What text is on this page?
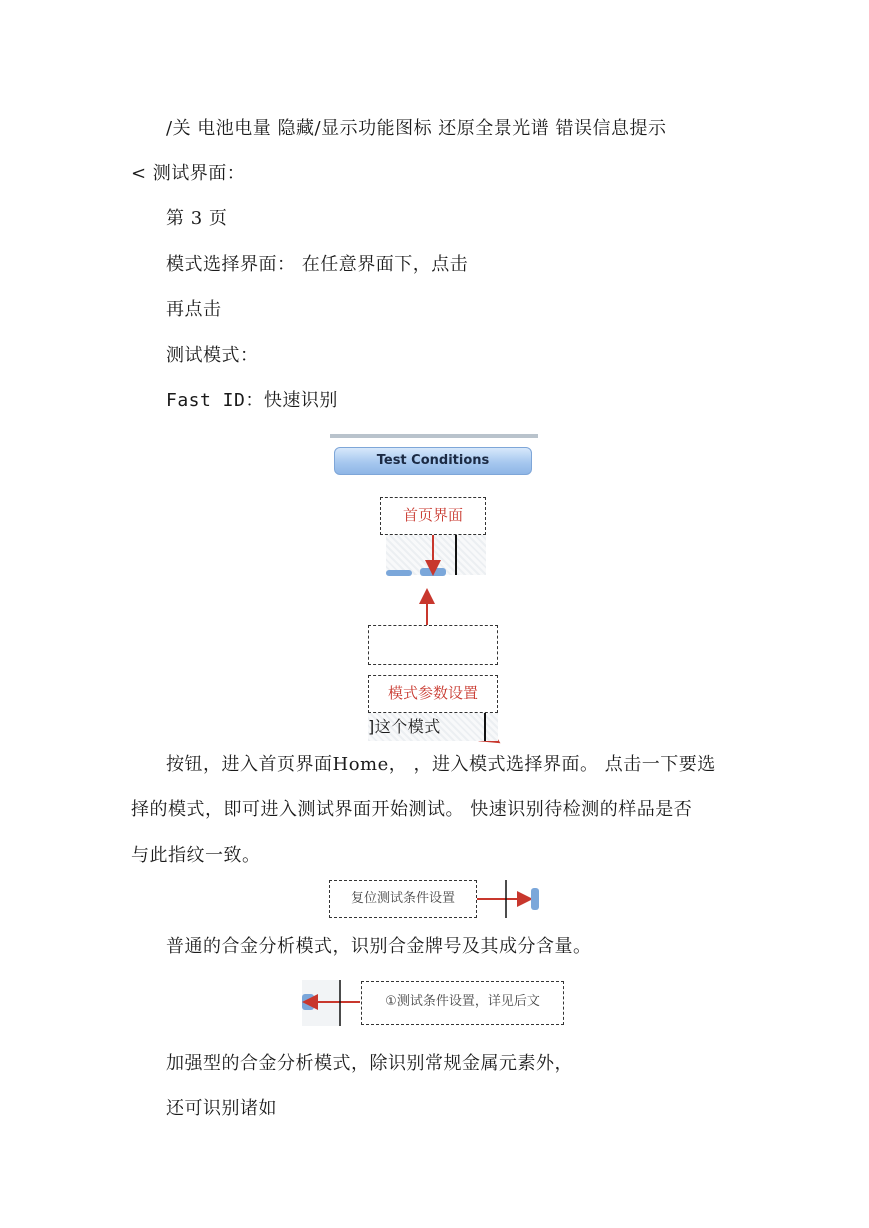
/关 电池电量 隐藏/显示功能图标 还原全景光谱 错误信息提示
< 测试界面：
第 3 页
模式选择界面： 在任意界面下，点击
再点击
测试模式：
Fast ID：快速识别
Test Conditions
首页界面
模式参数设置
]这个模式
按钮，进入首页界面Home， ，进入模式选择界面。 点击一下要选
择的模式，即可进入测试界面开始测试。 快速识别待检测的样品是否
与此指纹一致。
复位测试条件设置
普通的合金分析模式，识别合金牌号及其成分含量。
①测试条件设置，详见后文
加强型的合金分析模式，除识别常规金属元素外，
还可识别诸如
